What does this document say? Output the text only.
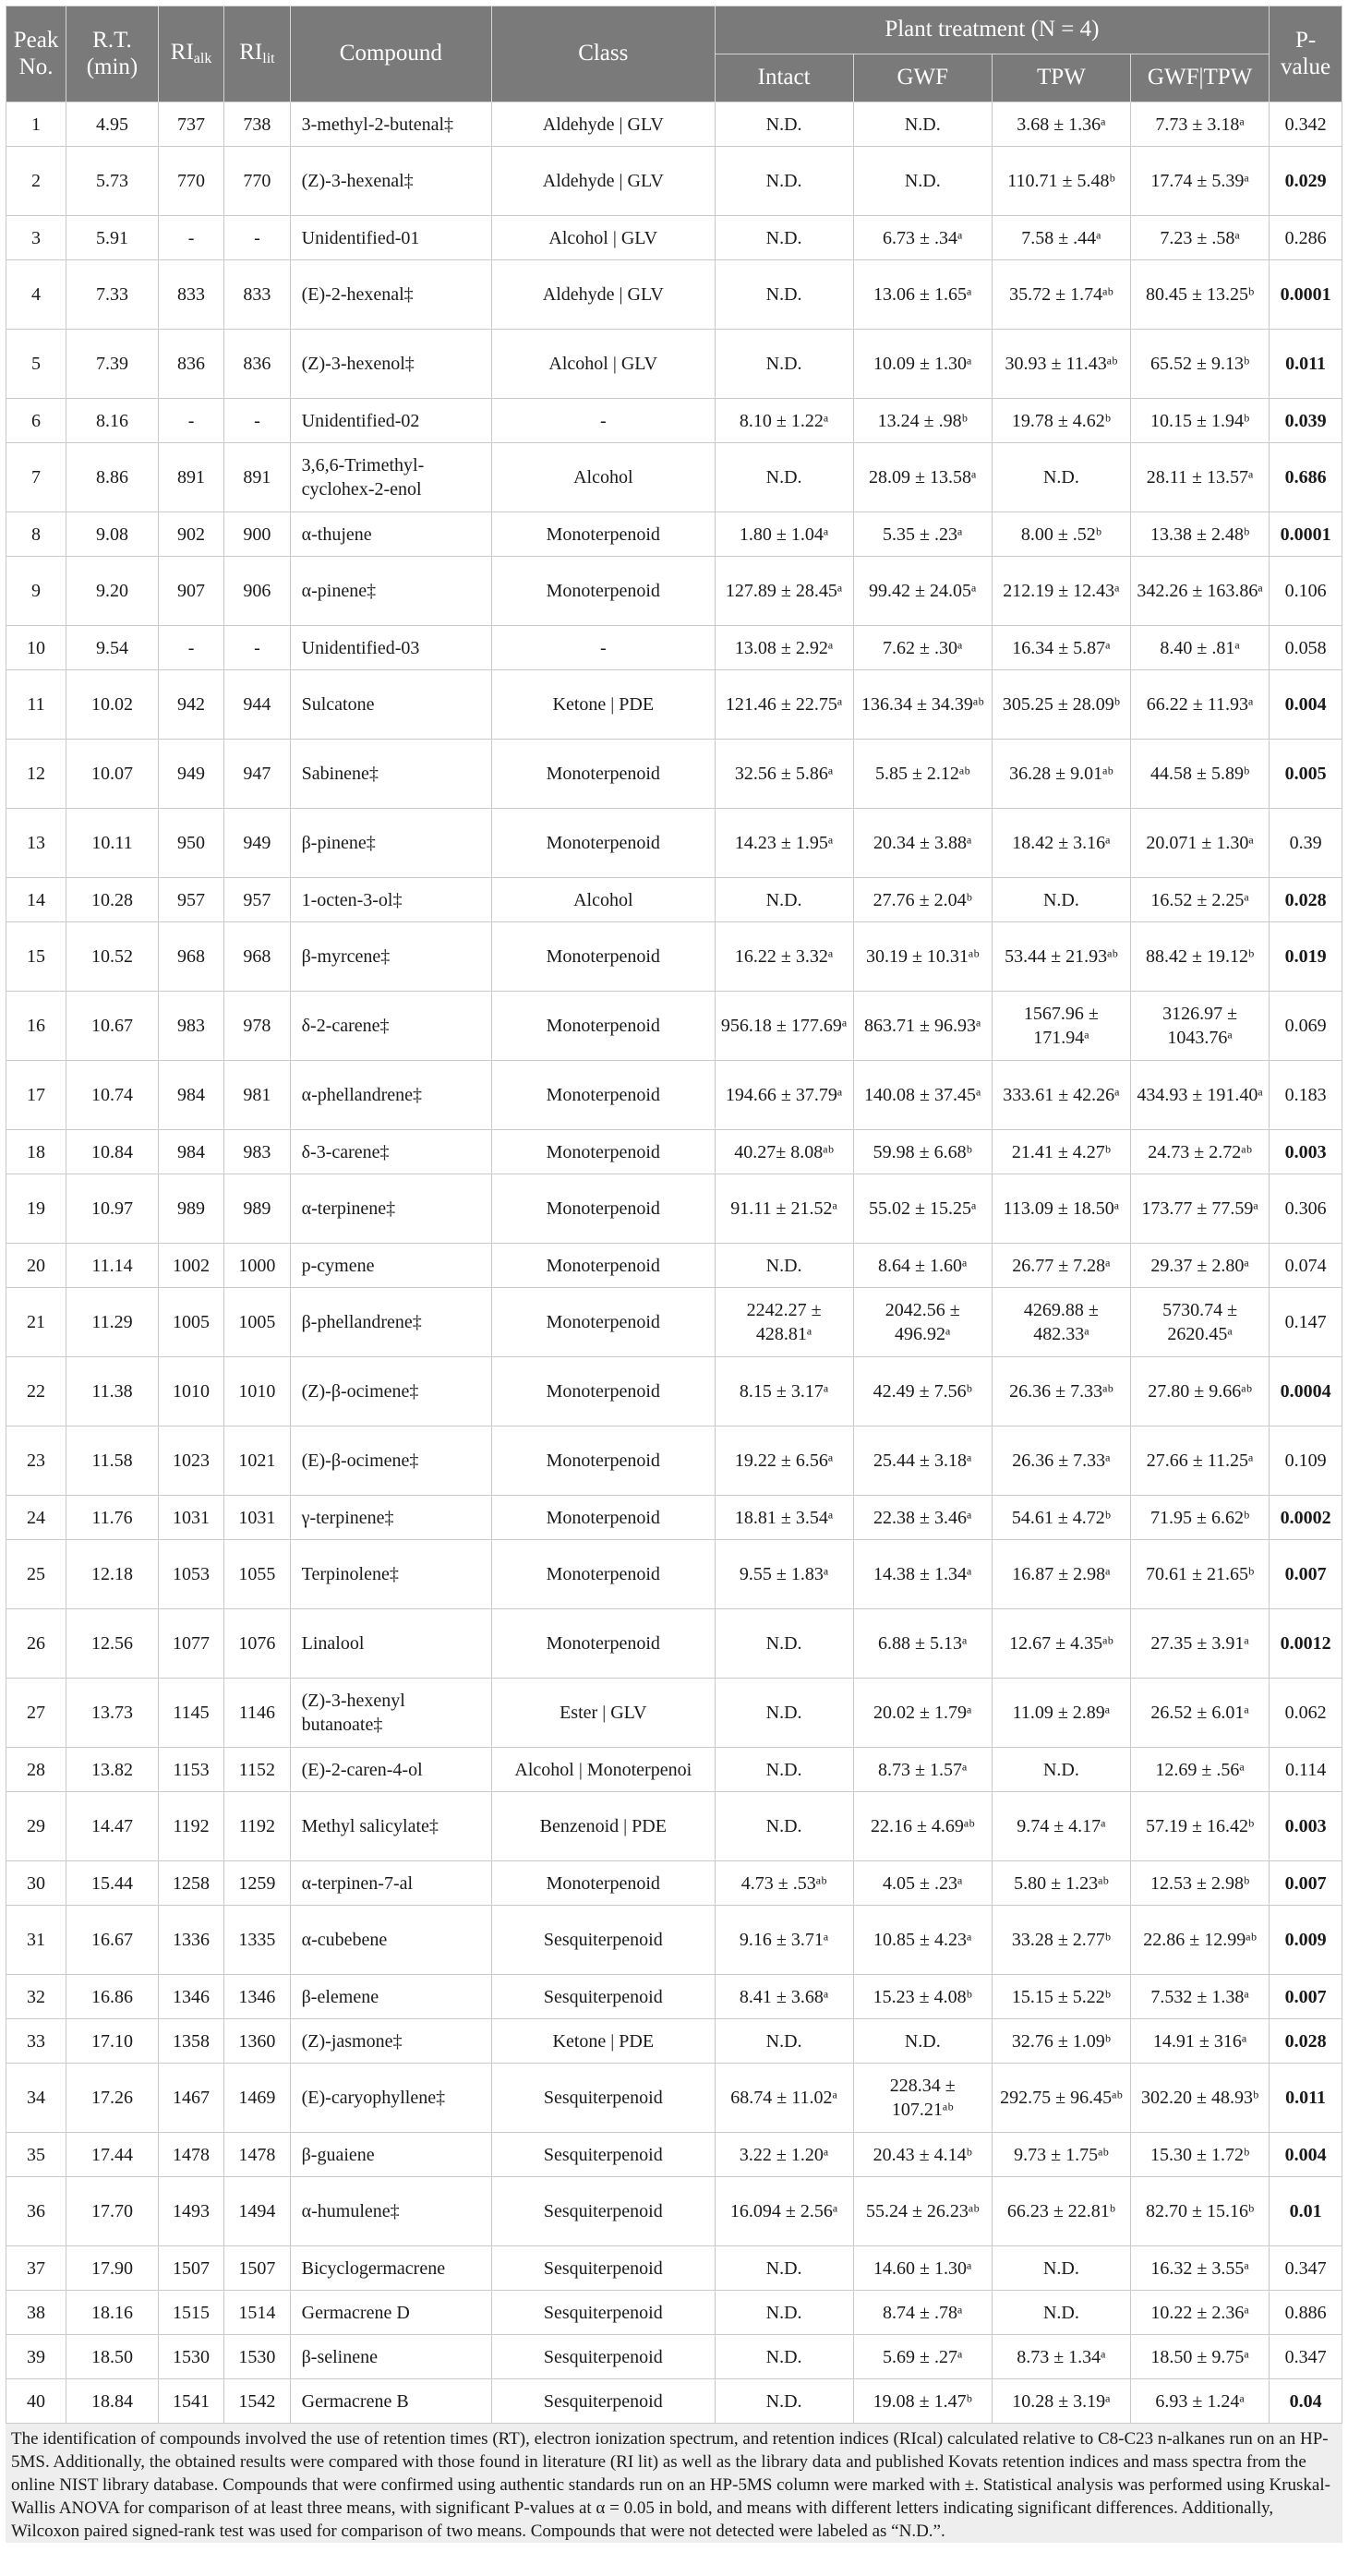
Peak No.	R.T. (min)	$RI_{alk}$	$RI_{lit}$	Compound	Class	Plant treatment (N = 4)				P-value
						Intact	GWF	TPW	GWF|TPW	
1	4.95	737	738	3-methyl-2-butenal‡	Aldehyde | GLV	N.D.	N.D.	3.68 ± 1.36ᵃ	7.73 ± 3.18ᵃ	0.342
2	5.73	770	770	(Z)-3-hexenal‡	Aldehyde | GLV	N.D.	N.D.	110.71 ± 5.48ᵇ	17.74 ± 5.39ᵃ	0.029
3	5.91	-	-	Unidentified-01	Alcohol | GLV	N.D.	6.73 ± .34ᵃ	7.58 ± .44ᵃ	7.23 ± .58ᵃ	0.286
4	7.33	833	833	(E)-2-hexenal‡	Aldehyde | GLV	N.D.	13.06 ± 1.65ᵃ	35.72 ± 1.74ᵃᵇ	80.45 ± 13.25ᵇ	0.0001
5	7.39	836	836	(Z)-3-hexenol‡	Alcohol | GLV	N.D.	10.09 ± 1.30ᵃ	30.93 ± 11.43ᵃᵇ	65.52 ± 9.13ᵇ	0.011
6	8.16	-	-	Unidentified-02	-	8.10 ± 1.22ᵃ	13.24 ± .98ᵇ	19.78 ± 4.62ᵇ	10.15 ± 1.94ᵇ	0.039
7	8.86	891	891	3,6,6-Trimethyl-cyclohex-2-enol	Alcohol	N.D.	28.09 ± 13.58ᵃ	N.D.	28.11 ± 13.57ᵃ	0.686
8	9.08	902	900	α-thujene	Monoterpenoid	1.80 ± 1.04ᵃ	5.35 ± .23ᵃ	8.00 ± .52ᵇ	13.38 ± 2.48ᵇ	0.0001
9	9.20	907	906	α-pinene‡	Monoterpenoid	127.89 ± 28.45ᵃ	99.42 ± 24.05ᵃ	212.19 ± 12.43ᵃ	342.26 ± 163.86ᵃ	0.106
10	9.54	-	-	Unidentified-03	-	13.08 ± 2.92ᵃ	7.62 ± .30ᵃ	16.34 ± 5.87ᵃ	8.40 ± .81ᵃ	0.058
11	10.02	942	944	Sulcatone	Ketone | PDE	121.46 ± 22.75ᵃ	136.34 ± 34.39ᵃᵇ	305.25 ± 28.09ᵇ	66.22 ± 11.93ᵃ	0.004
12	10.07	949	947	Sabinene‡	Monoterpenoid	32.56 ± 5.86ᵃ	5.85 ± 2.12ᵃᵇ	36.28 ± 9.01ᵃᵇ	44.58 ± 5.89ᵇ	0.005
13	10.11	950	949	β-pinene‡	Monoterpenoid	14.23 ± 1.95ᵃ	20.34 ± 3.88ᵃ	18.42 ± 3.16ᵃ	20.071 ± 1.30ᵃ	0.39
14	10.28	957	957	1-octen-3-ol‡	Alcohol	N.D.	27.76 ± 2.04ᵇ	N.D.	16.52 ± 2.25ᵃ	0.028
15	10.52	968	968	β-myrcene‡	Monoterpenoid	16.22 ± 3.32ᵃ	30.19 ± 10.31ᵃᵇ	53.44 ± 21.93ᵃᵇ	88.42 ± 19.12ᵇ	0.019
16	10.67	983	978	δ-2-carene‡	Monoterpenoid	956.18 ± 177.69ᵃ	863.71 ± 96.93ᵃ	1567.96 ± 171.94ᵃ	3126.97 ± 1043.76ᵃ	0.069
17	10.74	984	981	α-phellandrene‡	Monoterpenoid	194.66 ± 37.79ᵃ	140.08 ± 37.45ᵃ	333.61 ± 42.26ᵃ	434.93 ± 191.40ᵃ	0.183
18	10.84	984	983	δ-3-carene‡	Monoterpenoid	40.27± 8.08ᵃᵇ	59.98 ± 6.68ᵇ	21.41 ± 4.27ᵇ	24.73 ± 2.72ᵃᵇ	0.003
19	10.97	989	989	α-terpinene‡	Monoterpenoid	91.11 ± 21.52ᵃ	55.02 ± 15.25ᵃ	113.09 ± 18.50ᵃ	173.77 ± 77.59ᵃ	0.306
20	11.14	1002	1000	p-cymene	Monoterpenoid	N.D.	8.64 ± 1.60ᵃ	26.77 ± 7.28ᵃ	29.37 ± 2.80ᵃ	0.074
21	11.29	1005	1005	β-phellandrene‡	Monoterpenoid	2242.27 ± 428.81ᵃ	2042.56 ± 496.92ᵃ	4269.88 ± 482.33ᵃ	5730.74 ± 2620.45ᵃ	0.147
22	11.38	1010	1010	(Z)-β-ocimene‡	Monoterpenoid	8.15 ± 3.17ᵃ	42.49 ± 7.56ᵇ	26.36 ± 7.33ᵃᵇ	27.80 ± 9.66ᵃᵇ	0.0004
23	11.58	1023	1021	(E)-β-ocimene‡	Monoterpenoid	19.22 ± 6.56ᵃ	25.44 ± 3.18ᵃ	26.36 ± 7.33ᵃ	27.66 ± 11.25ᵃ	0.109
24	11.76	1031	1031	γ-terpinene‡	Monoterpenoid	18.81 ± 3.54ᵃ	22.38 ± 3.46ᵃ	54.61 ± 4.72ᵇ	71.95 ± 6.62ᵇ	0.0002
25	12.18	1053	1055	Terpinolene‡	Monoterpenoid	9.55 ± 1.83ᵃ	14.38 ± 1.34ᵃ	16.87 ± 2.98ᵃ	70.61 ± 21.65ᵇ	0.007
26	12.56	1077	1076	Linalool	Monoterpenoid	N.D.	6.88 ± 5.13ᵃ	12.67 ± 4.35ᵃᵇ	27.35 ± 3.91ᵃ	0.0012
27	13.73	1145	1146	(Z)-3-hexenyl butanoate‡	Ester | GLV	N.D.	20.02 ± 1.79ᵃ	11.09 ± 2.89ᵃ	26.52 ± 6.01ᵃ	0.062
28	13.82	1153	1152	(E)-2-caren-4-ol	Alcohol | Monoterpenoi	N.D.	8.73 ± 1.57ᵃ	N.D.	12.69 ± .56ᵃ	0.114
29	14.47	1192	1192	Methyl salicylate‡	Benzenoid | PDE	N.D.	22.16 ± 4.69ᵃᵇ	9.74 ± 4.17ᵃ	57.19 ± 16.42ᵇ	0.003
30	15.44	1258	1259	α-terpinen-7-al	Monoterpenoid	4.73 ± .53ᵃᵇ	4.05 ± .23ᵃ	5.80 ± 1.23ᵃᵇ	12.53 ± 2.98ᵇ	0.007
31	16.67	1336	1335	α-cubebene	Sesquiterpenoid	9.16 ± 3.71ᵃ	10.85 ± 4.23ᵃ	33.28 ± 2.77ᵇ	22.86 ± 12.99ᵃᵇ	0.009
32	16.86	1346	1346	β-elemene	Sesquiterpenoid	8.41 ± 3.68ᵃ	15.23 ± 4.08ᵇ	15.15 ± 5.22ᵇ	7.532 ± 1.38ᵃ	0.007
33	17.10	1358	1360	(Z)-jasmone‡	Ketone | PDE	N.D.	N.D.	32.76 ± 1.09ᵇ	14.91 ± 316ᵃ	0.028
34	17.26	1467	1469	(E)-caryophyllene‡	Sesquiterpenoid	68.74 ± 11.02ᵃ	228.34 ± 107.21ᵃᵇ	292.75 ± 96.45ᵃᵇ	302.20 ± 48.93ᵇ	0.011
35	17.44	1478	1478	β-guaiene	Sesquiterpenoid	3.22 ± 1.20ᵃ	20.43 ± 4.14ᵇ	9.73 ± 1.75ᵃᵇ	15.30 ± 1.72ᵇ	0.004
36	17.70	1493	1494	α-humulene‡	Sesquiterpenoid	16.094 ± 2.56ᵃ	55.24 ± 26.23ᵃᵇ	66.23 ± 22.81ᵇ	82.70 ± 15.16ᵇ	0.01
37	17.90	1507	1507	Bicyclogermacrene	Sesquiterpenoid	N.D.	14.60 ± 1.30ᵃ	N.D.	16.32 ± 3.55ᵃ	0.347
38	18.16	1515	1514	Germacrene D	Sesquiterpenoid	N.D.	8.74 ± .78ᵃ	N.D.	10.22 ± 2.36ᵃ	0.886
39	18.50	1530	1530	β-selinene	Sesquiterpenoid	N.D.	5.69 ± .27ᵃ	8.73 ± 1.34ᵃ	18.50 ± 9.75ᵃ	0.347
40	18.84	1541	1542	Germacrene B	Sesquiterpenoid	N.D.	19.08 ± 1.47ᵇ	10.28 ± 3.19ᵃ	6.93 ± 1.24ᵃ	0.04
The identification of compounds involved the use of retention times (RT), electron ionization spectrum, and retention indices (RIcal) calculated relative to C8-C23 n-alkanes run on an HP-5MS. Additionally, the obtained results were compared with those found in literature (RI lit) as well as the library data and published Kovats retention indices and mass spectra from the online NIST library database. Compounds that were confirmed using authentic standards run on an HP-5MS column were marked with ±. Statistical analysis was performed using Kruskal-Wallis ANOVA for comparison of at least three means, with significant P-values at α = 0.05 in bold, and means with different letters indicating significant differences. Additionally, Wilcoxon paired signed-rank test was used for comparison of two means. Compounds that were not detected were labeled as “N.D.”.
